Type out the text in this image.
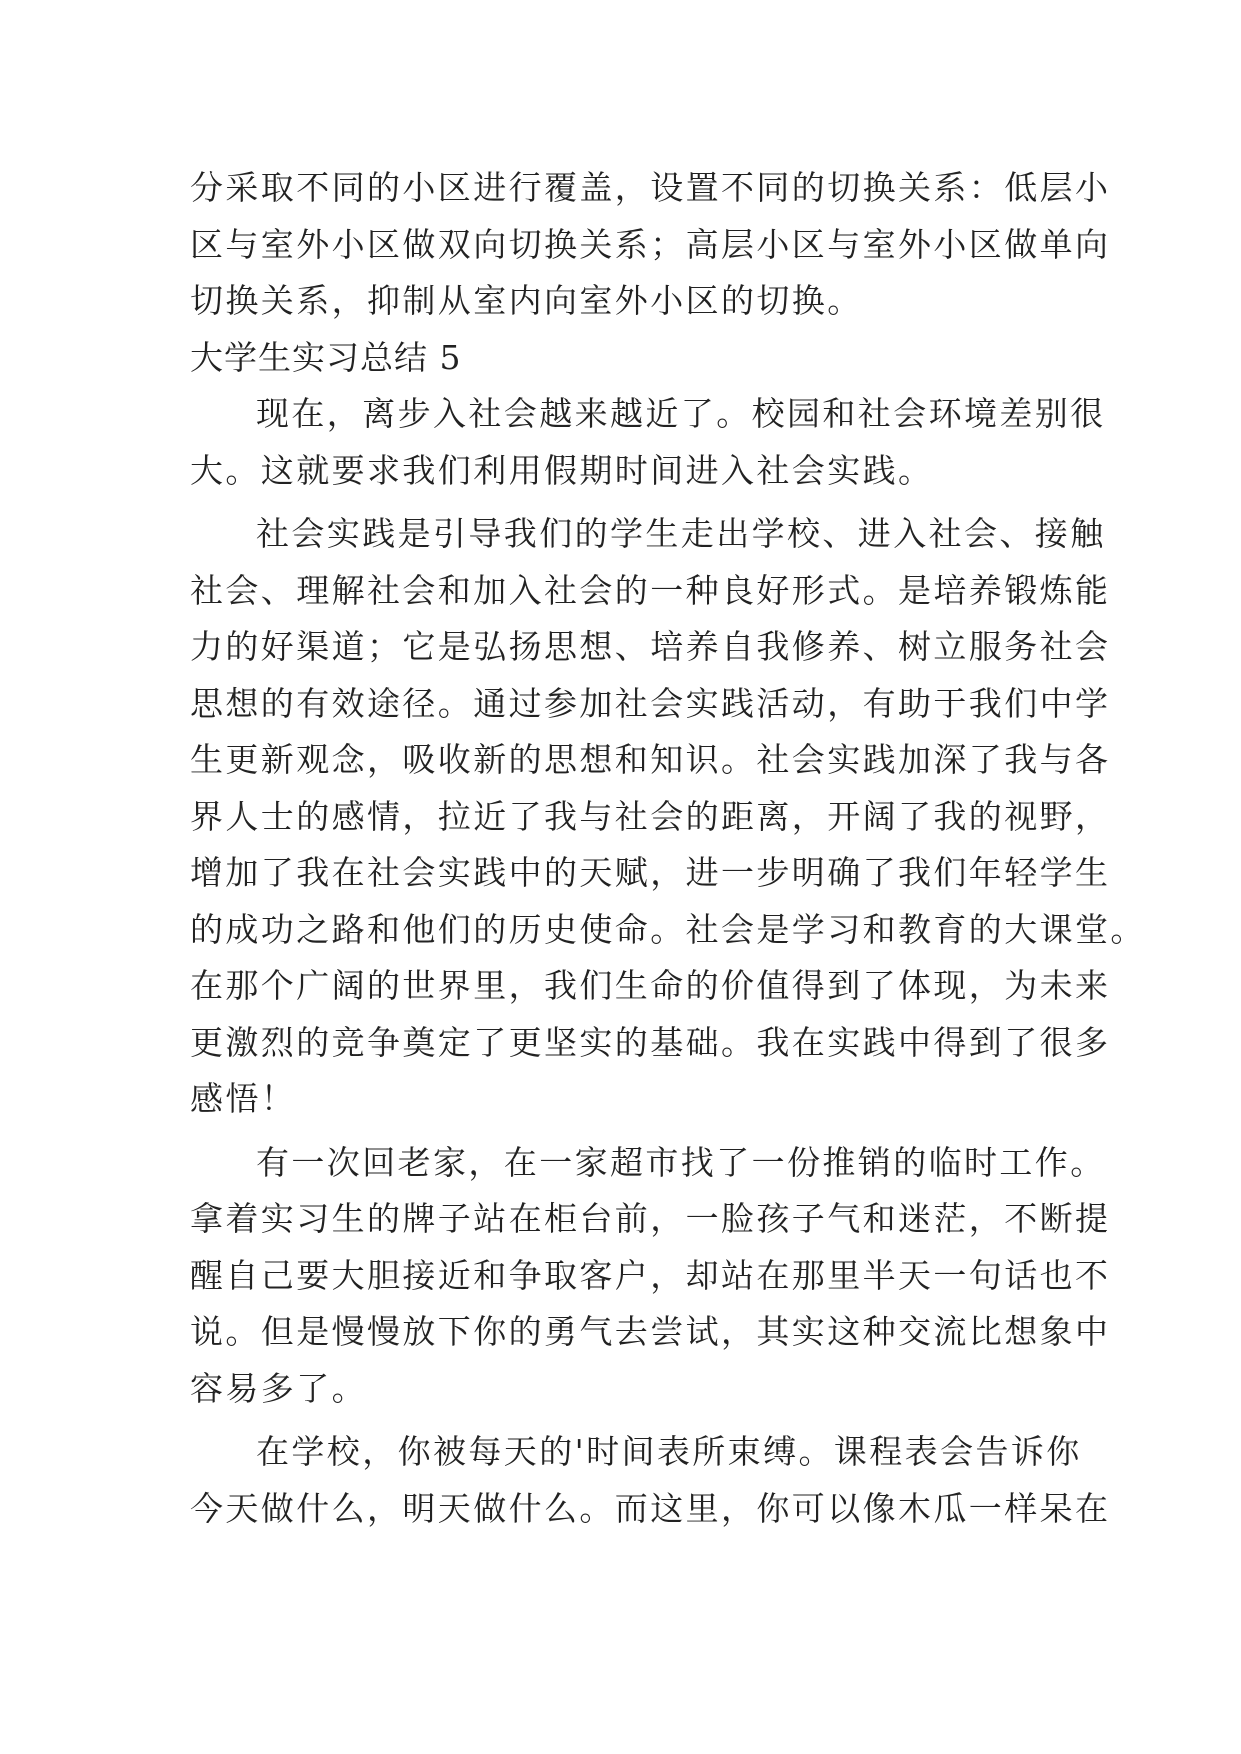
分采取不同的小区进行覆盖，设置不同的切换关系：低层小
区与室外小区做双向切换关系；高层小区与室外小区做单向
切换关系，抑制从室内向室外小区的切换。
大学生实习总结 5
现在，离步入社会越来越近了。校园和社会环境差别很
大。这就要求我们利用假期时间进入社会实践。
社会实践是引导我们的学生走出学校、进入社会、接触
社会、理解社会和加入社会的一种良好形式。是培养锻炼能
力的好渠道；它是弘扬思想、培养自我修养、树立服务社会
思想的有效途径。通过参加社会实践活动，有助于我们中学
生更新观念，吸收新的思想和知识。社会实践加深了我与各
界人士的感情，拉近了我与社会的距离，开阔了我的视野，
增加了我在社会实践中的天赋，进一步明确了我们年轻学生
的成功之路和他们的历史使命。社会是学习和教育的大课堂。
在那个广阔的世界里，我们生命的价值得到了体现，为未来
更激烈的竞争奠定了更坚实的基础。我在实践中得到了很多
感悟！
有一次回老家，在一家超市找了一份推销的临时工作。
拿着实习生的牌子站在柜台前，一脸孩子气和迷茫，不断提
醒自己要大胆接近和争取客户，却站在那里半天一句话也不
说。但是慢慢放下你的勇气去尝试，其实这种交流比想象中
容易多了。
在学校，你被每天的'时间表所束缚。课程表会告诉你
今天做什么，明天做什么。而这里，你可以像木瓜一样呆在
